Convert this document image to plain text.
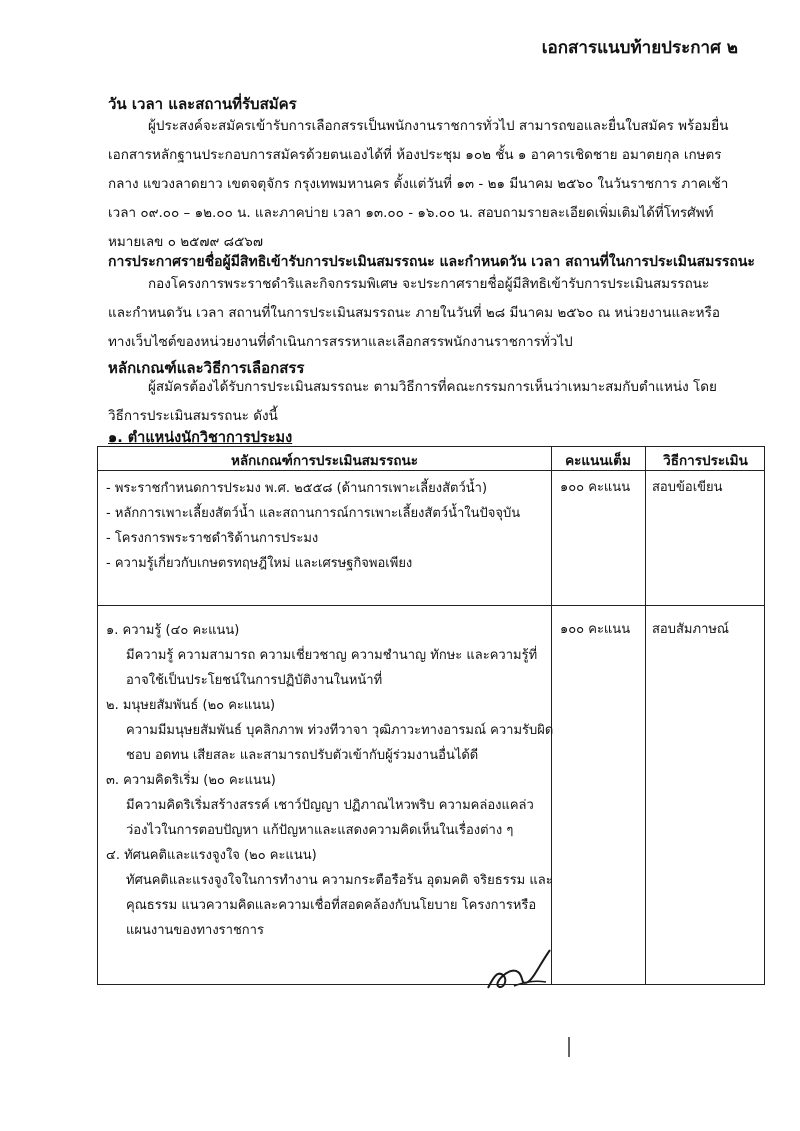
เอกสารแนบท้ายประกาศ ๒
วัน เวลา และสถานที่รับสมัคร
ผู้ประสงค์จะสมัครเข้ารับการเลือกสรรเป็นพนักงานราชการทั่วไป สามารถขอและยื่นใบสมัคร พร้อมยื่นเอกสารหลักฐานประกอบการสมัครด้วยตนเองได้ที่ ห้องประชุม ๑๐๒ ชั้น ๑ อาคารเชิดชาย อมาตยกุล เกษตรกลาง แขวงลาดยาว เขตจตุจักร กรุงเทพมหานคร ตั้งแต่วันที่ ๑๓ - ๒๑ มีนาคม ๒๕๖๐ ในวันราชการ ภาคเช้า เวลา ๐๙.๐๐ – ๑๒.๐๐ น. และภาคบ่าย เวลา ๑๓.๐๐ - ๑๖.๐๐ น. สอบถามรายละเอียดเพิ่มเติมได้ที่โทรศัพท์หมายเลข ๐ ๒๕๗๙ ๘๕๖๗
การประกาศรายชื่อผู้มีสิทธิเข้ารับการประเมินสมรรถนะ และกำหนดวัน เวลา สถานที่ในการประเมินสมรรถนะ
กองโครงการพระราชดำริและกิจกรรมพิเศษ จะประกาศรายชื่อผู้มีสิทธิเข้ารับการประเมินสมรรถนะ และกำหนดวัน เวลา สถานที่ในการประเมินสมรรถนะ ภายในวันที่ ๒๘ มีนาคม ๒๕๖๐ ณ หน่วยงานและหรือทางเว็บไซต์ของหน่วยงานที่ดำเนินการสรรหาและเลือกสรรพนักงานราชการทั่วไป
หลักเกณฑ์และวิธีการเลือกสรร
ผู้สมัครต้องได้รับการประเมินสมรรถนะ ตามวิธีการที่คณะกรรมการเห็นว่าเหมาะสมกับตำแหน่ง โดยวิธีการประเมินสมรรถนะ ดังนี้
๑. ตำแหน่งนักวิชาการประมง
หลักเกณฑ์การประเมินสมรรถนะ	คะแนนเต็ม	วิธีการประเมิน
- พระราชกำหนดการประมง พ.ศ. ๒๕๕๘ (ด้านการเพาะเลี้ยงสัตว์น้ำ)
- หลักการเพาะเลี้ยงสัตว์น้ำ และสถานการณ์การเพาะเลี้ยงสัตว์น้ำในปัจจุบัน
- โครงการพระราชดำริด้านการประมง
- ความรู้เกี่ยวกับเกษตรทฤษฎีใหม่ และเศรษฐกิจพอเพียง
๑๐๐ คะแนน สอบข้อเขียน
๑. ความรู้ (๔๐ คะแนน)
มีความรู้ ความสามารถ ความเชี่ยวชาญ ความชำนาญ ทักษะ และความรู้ที่อาจใช้เป็นประโยชน์ในการปฏิบัติงานในหน้าที่
๒. มนุษยสัมพันธ์ (๒๐ คะแนน)
ความมีมนุษยสัมพันธ์ บุคลิกภาพ ท่วงทีวาจา วุฒิภาวะทางอารมณ์ ความรับผิดชอบ อดทน เสียสละ และสามารถปรับตัวเข้ากับผู้ร่วมงานอื่นได้ดี
๓. ความคิดริเริ่ม (๒๐ คะแนน)
มีความคิดริเริ่มสร้างสรรค์ เชาว์ปัญญา ปฏิภาณไหวพริบ ความคล่องแคล่วว่องไวในการตอบปัญหา แก้ปัญหาและแสดงความคิดเห็นในเรื่องต่าง ๆ
๔. ทัศนคติและแรงจูงใจ (๒๐ คะแนน)
ทัศนคติและแรงจูงใจในการทำงาน ความกระตือรือร้น อุดมคติ จริยธรรม และคุณธรรม แนวความคิดและความเชื่อที่สอดคล้องกับนโยบาย โครงการหรือแผนงานของทางราชการ
๑๐๐ คะแนน สอบสัมภาษณ์
